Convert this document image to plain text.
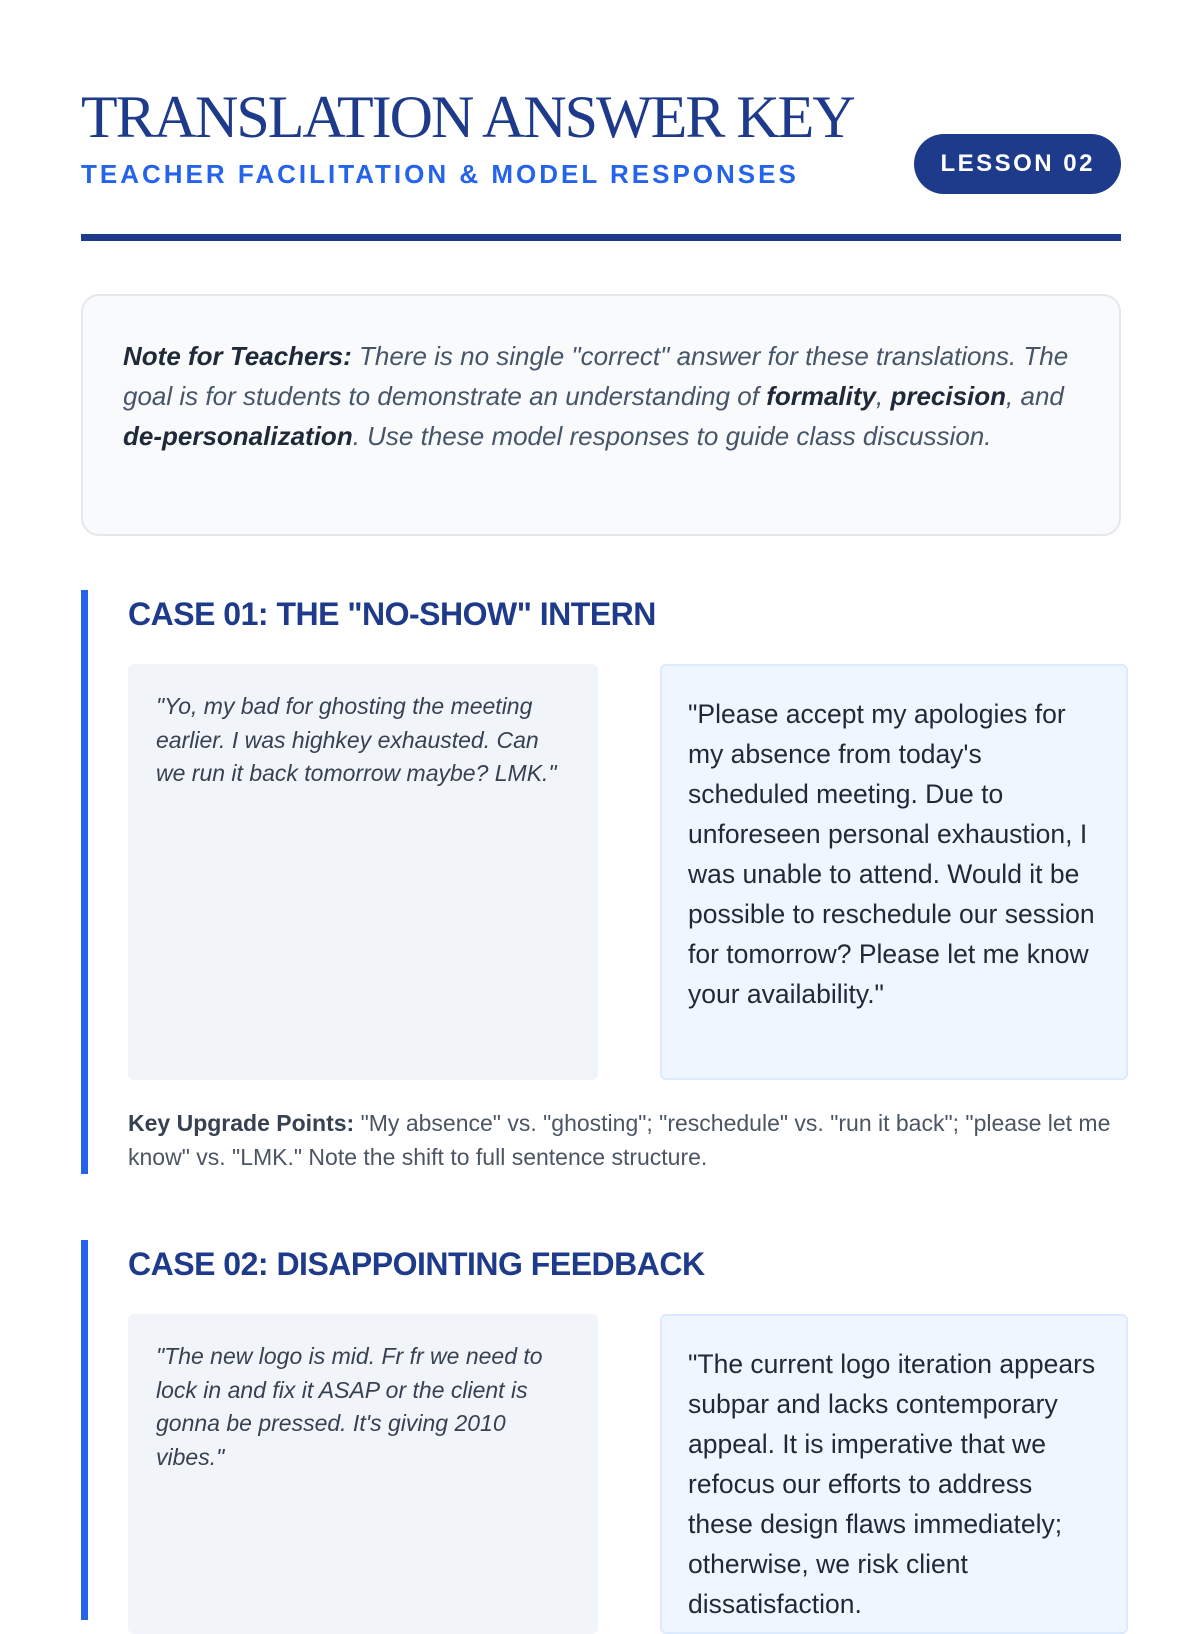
TRANSLATION ANSWER KEY
TEACHER FACILITATION & MODEL RESPONSES	LESSON 02
Note for Teachers: There is no single "correct" answer for these translations. The goal is for students to demonstrate an understanding of formality, precision, and de-personalization. Use these model responses to guide class discussion.
CASE 01: THE "NO-SHOW" INTERN
"Yo, my bad for ghosting the meeting earlier. I was highkey exhausted. Can we run it back tomorrow maybe? LMK."
"Please accept my apologies for my absence from today's scheduled meeting. Due to unforeseen personal exhaustion, I was unable to attend. Would it be possible to reschedule our session for tomorrow? Please let me know your availability."
Key Upgrade Points: "My absence" vs. "ghosting"; "reschedule" vs. "run it back"; "please let me know" vs. "LMK." Note the shift to full sentence structure.
CASE 02: DISAPPOINTING FEEDBACK
"The new logo is mid. Fr fr we need to lock in and fix it ASAP or the client is gonna be pressed. It's giving 2010 vibes."
"The current logo iteration appears subpar and lacks contemporary appeal. It is imperative that we refocus our efforts to address these design flaws immediately; otherwise, we risk client dissatisfaction.
